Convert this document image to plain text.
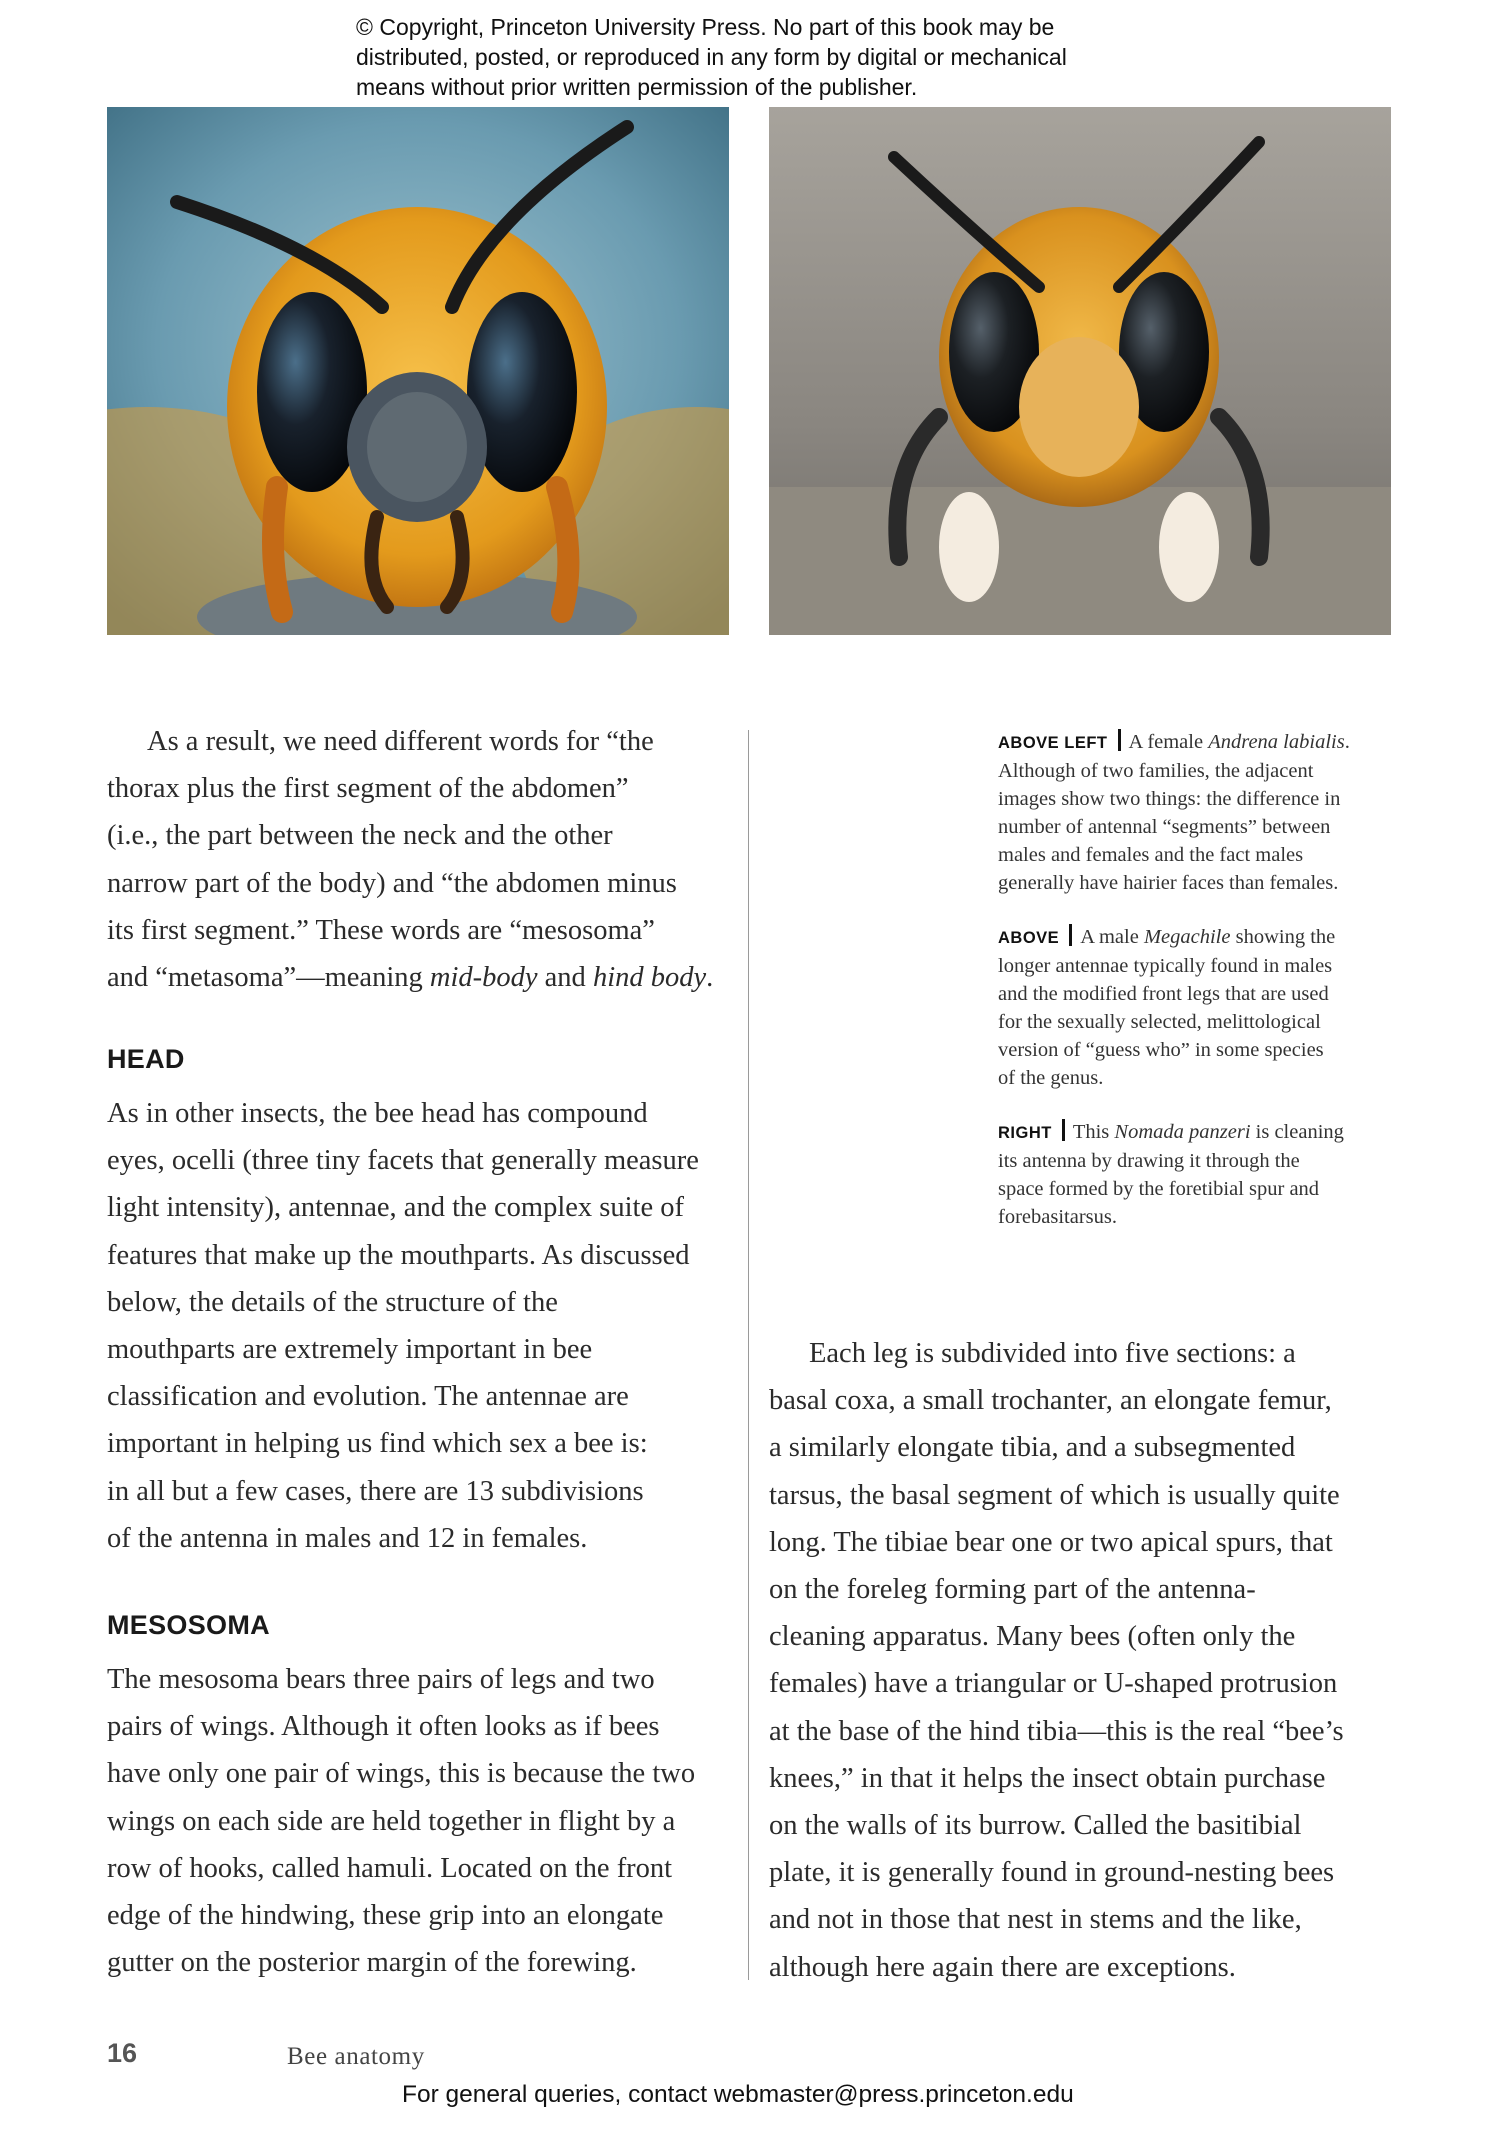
© Copyright, Princeton University Press. No part of this book may be
distributed, posted, or reproduced in any form by digital or mechanical
means without prior written permission of the publisher.

As a result, we need different words for “the
thorax plus the first segment of the abdomen”
(i.e., the part between the neck and the other
narrow part of the body) and “the abdomen minus
its first segment.” These words are “mesosoma”
and “metasoma”—meaning mid-body and hind body.

HEAD

As in other insects, the bee head has compound
eyes, ocelli (three tiny facets that generally measure
light intensity), antennae, and the complex suite of
features that make up the mouthparts. As discussed
below, the details of the structure of the
mouthparts are extremely important in bee
classification and evolution. The antennae are
important in helping us find which sex a bee is:
in all but a few cases, there are 13 subdivisions
of the antenna in males and 12 in females.

MESOSOMA

The mesosoma bears three pairs of legs and two
pairs of wings. Although it often looks as if bees
have only one pair of wings, this is because the two
wings on each side are held together in flight by a
row of hooks, called hamuli. Located on the front
edge of the hindwing, these grip into an elongate
gutter on the posterior margin of the forewing.

ABOVE LEFT A female Andrena labialis.
Although of two families, the adjacent
images show two things: the difference in
number of antennal “segments” between
males and females and the fact males
generally have hairier faces than females.

ABOVE A male Megachile showing the
longer antennae typically found in males
and the modified front legs that are used
for the sexually selected, melittological
version of “guess who” in some species
of the genus.

RIGHT This Nomada panzeri is cleaning
its antenna by drawing it through the
space formed by the foretibial spur and
forebasitarsus.

Each leg is subdivided into five sections: a
basal coxa, a small trochanter, an elongate femur,
a similarly elongate tibia, and a subsegmented
tarsus, the basal segment of which is usually quite
long. The tibiae bear one or two apical spurs, that
on the foreleg forming part of the antenna-
cleaning apparatus. Many bees (often only the
females) have a triangular or U-shaped protrusion
at the base of the hind tibia—this is the real “bee’s
knees,” in that it helps the insect obtain purchase
on the walls of its burrow. Called the basitibial
plate, it is generally found in ground-nesting bees
and not in those that nest in stems and the like,
although here again there are exceptions.

16	Bee anatomy
For general queries, contact webmaster@press.princeton.edu
